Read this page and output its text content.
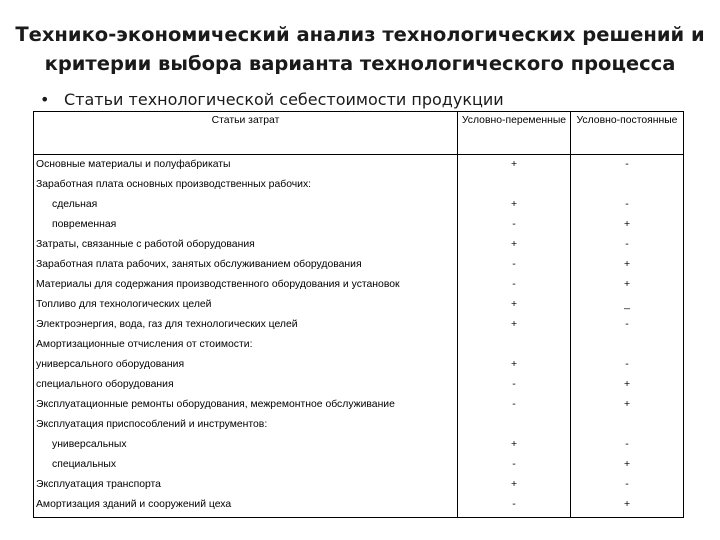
Технико-экономический анализ технологических решений и
критерии выбора варианта технологического процесса
• Статьи технологической себестоимости продукции
Статьи затрат	Условно-переменные	Условно-постоянные
Основные материалы и полуфабрикаты	+	-
Заработная плата основных производственных рабочих:		
сдельная	+	-
повременная	-	+
Затраты, связанные с работой оборудования	+	-
Заработная плата рабочих, занятых обслуживанием оборудования	-	+
Материалы для содержания производственного оборудования и установок	-	+
Топливо для технологических целей	+	_
Электроэнергия, вода, газ для технологических целей	+	-
Амортизационные отчисления от стоимости:		
универсального оборудования	+	-
специального оборудования	-	+
Эксплуатационные ремонты оборудования, межремонтное обслуживание	-	+
Эксплуатация приспособлений и инструментов:		
универсальных	+	-
специальных	-	+
Эксплуатация транспорта	+	-
Амортизация зданий и сооружений цеха	-	+
